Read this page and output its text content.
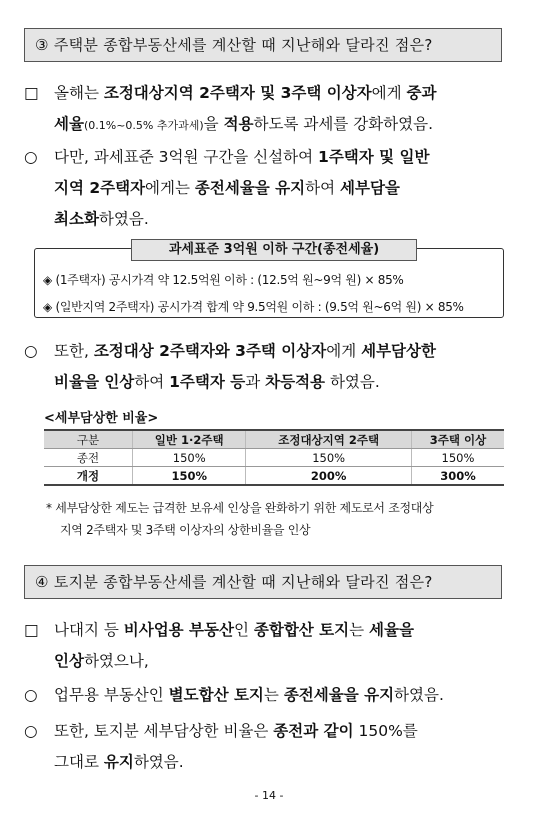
③ 주택분 종합부동산세를 계산할 때 지난해와 달라진 점은?
□ 올해는 조정대상지역 2주택자 및 3주택 이상자에게 중과
세율(0.1%~0.5% 추가과세)을 적용하도록 과세를 강화하였음.
○ 다만, 과세표준 3억원 구간을 신설하여 1주택자 및 일반
지역 2주택자에게는 종전세율을 유지하여 세부담을
최소화하였음.
과세표준 3억원 이하 구간(종전세율)
◈ (1주택자) 공시가격 약 12.5억원 이하 : (12.5억 원~9억 원) × 85%
◈ (일반지역 2주택자) 공시가격 합계 약 9.5억원 이하 : (9.5억 원~6억 원) × 85%
○ 또한, 조정대상 2주택자와 3주택 이상자에게 세부담상한
비율을 인상하여 1주택자 등과 차등적용 하였음.
<세부담상한 비율>
구분	일반 1·2주택	조정대상지역 2주택	3주택 이상
종전	150%	150%	150%
개정	150%	200%	300%
* 세부담상한 제도는 급격한 보유세 인상을 완화하기 위한 제도로서 조정대상
지역 2주택자 및 3주택 이상자의 상한비율을 인상
④ 토지분 종합부동산세를 계산할 때 지난해와 달라진 점은?
□ 나대지 등 비사업용 부동산인 종합합산 토지는 세율을
인상하였으나,
○ 업무용 부동산인 별도합산 토지는 종전세율을 유지하였음.
○ 또한, 토지분 세부담상한 비율은 종전과 같이 150%를
그대로 유지하였음.
- 14 -
